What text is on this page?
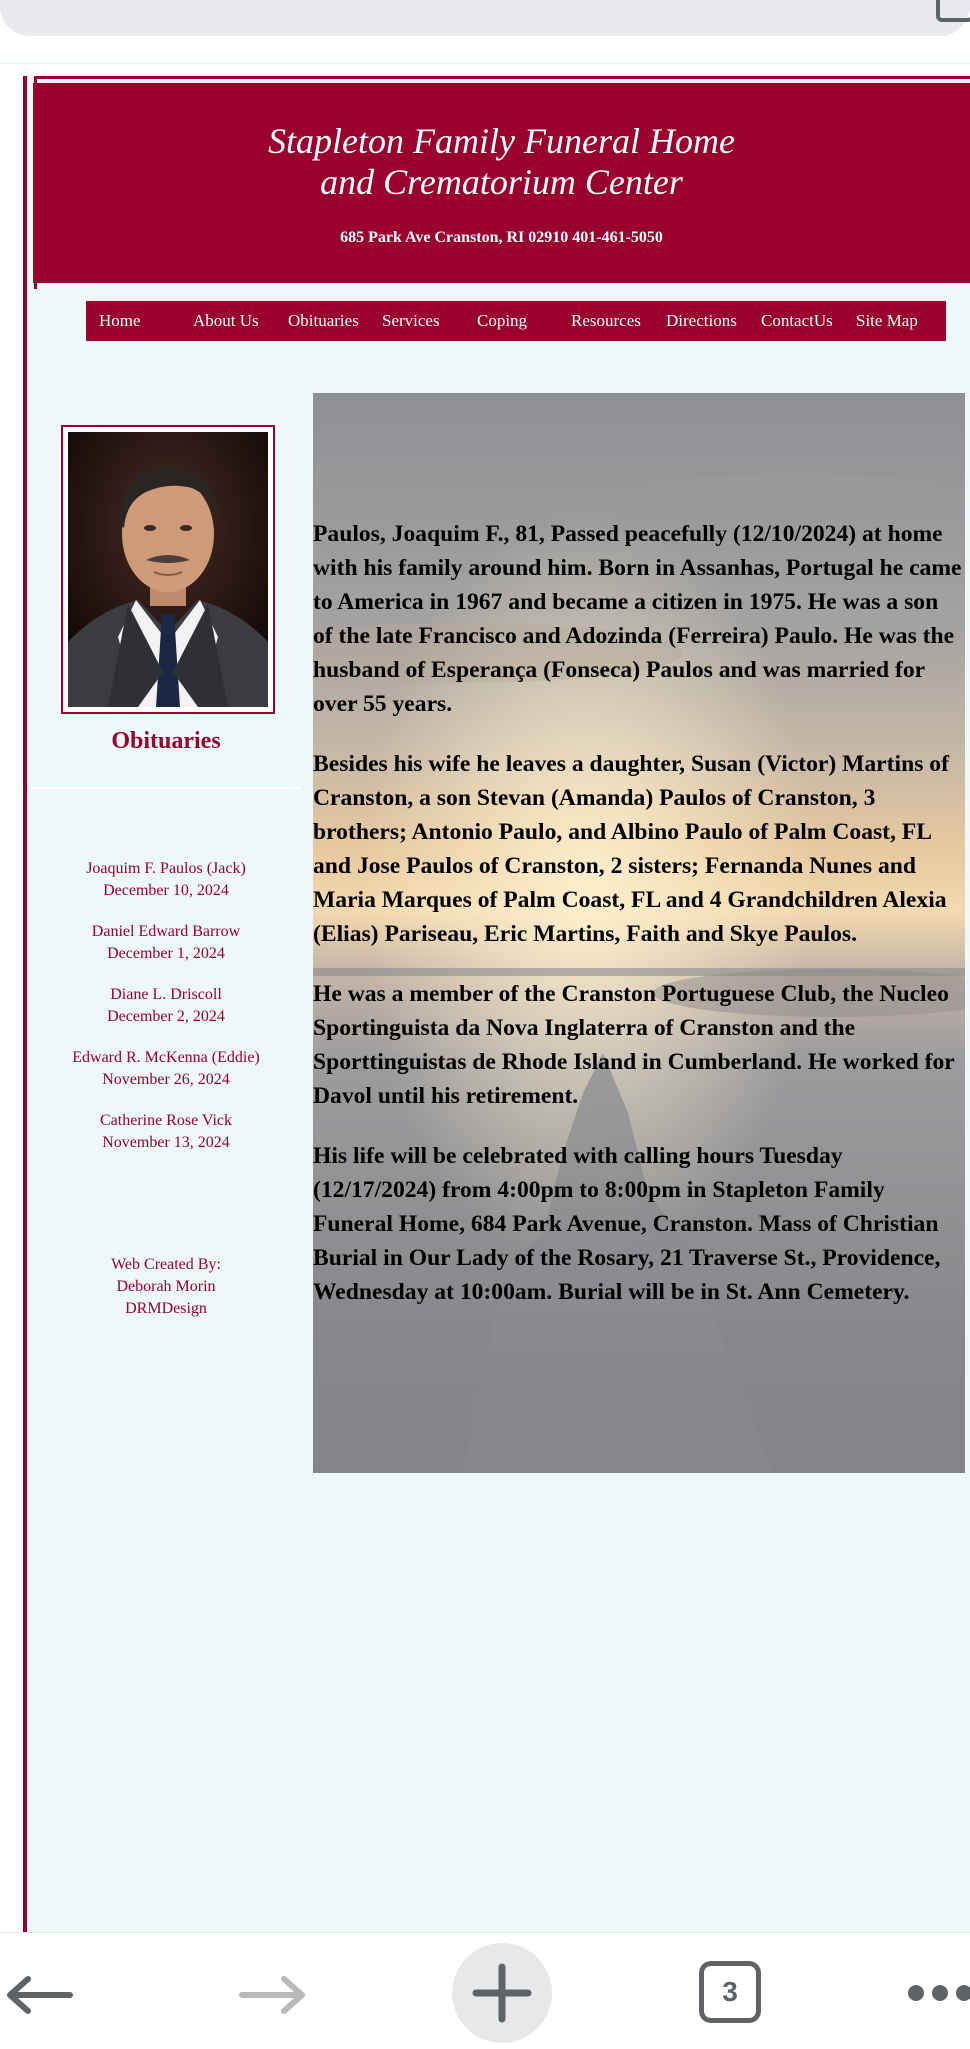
Stapleton Family Funeral Home
and Crematorium Center
685 Park Ave Cranston, RI 02910 401-461-5050
Home	About Us Obituaries Services Coping	Resources Directions ContactUs Site Map
Obituaries
Joaquim F. Paulos (Jack)
December 10, 2024
Daniel Edward Barrow
December 1, 2024
Diane L. Driscoll
December 2, 2024
Edward R. McKenna (Eddie)
November 26, 2024
Catherine Rose Vick
November 13, 2024
Web Created By:
Deborah Morin
DRMDesign

Paulos, Joaquim F., 81, Passed peacefully (12/10/2024) at home with his family around him. Born in Assanhas, Portugal he came to America in 1967 and became a citizen in 1975. He was a son of the late Francisco and Adozinda (Ferreira) Paulo. He was the husband of Esperança (Fonseca) Paulos and was married for over 55 years.

Besides his wife he leaves a daughter, Susan (Victor) Martins of Cranston, a son Stevan (Amanda) Paulos of Cranston, 3 brothers; Antonio Paulo, and Albino Paulo of Palm Coast, FL and Jose Paulos of Cranston, 2 sisters; Fernanda Nunes and Maria Marques of Palm Coast, FL and 4 Grandchildren Alexia (Elias) Pariseau, Eric Martins, Faith and Skye Paulos.

He was a member of the Cranston Portuguese Club, the Nucleo Sportinguista da Nova Inglaterra of Cranston and the Sporttinguistas de Rhode Island in Cumberland. He worked for Davol until his retirement.

His life will be celebrated with calling hours Tuesday (12/17/2024) from 4:00pm to 8:00pm in Stapleton Family Funeral Home, 684 Park Avenue, Cranston. Mass of Christian Burial in Our Lady of the Rosary, 21 Traverse St., Providence, Wednesday at 10:00am. Burial will be in St. Ann Cemetery.

3
